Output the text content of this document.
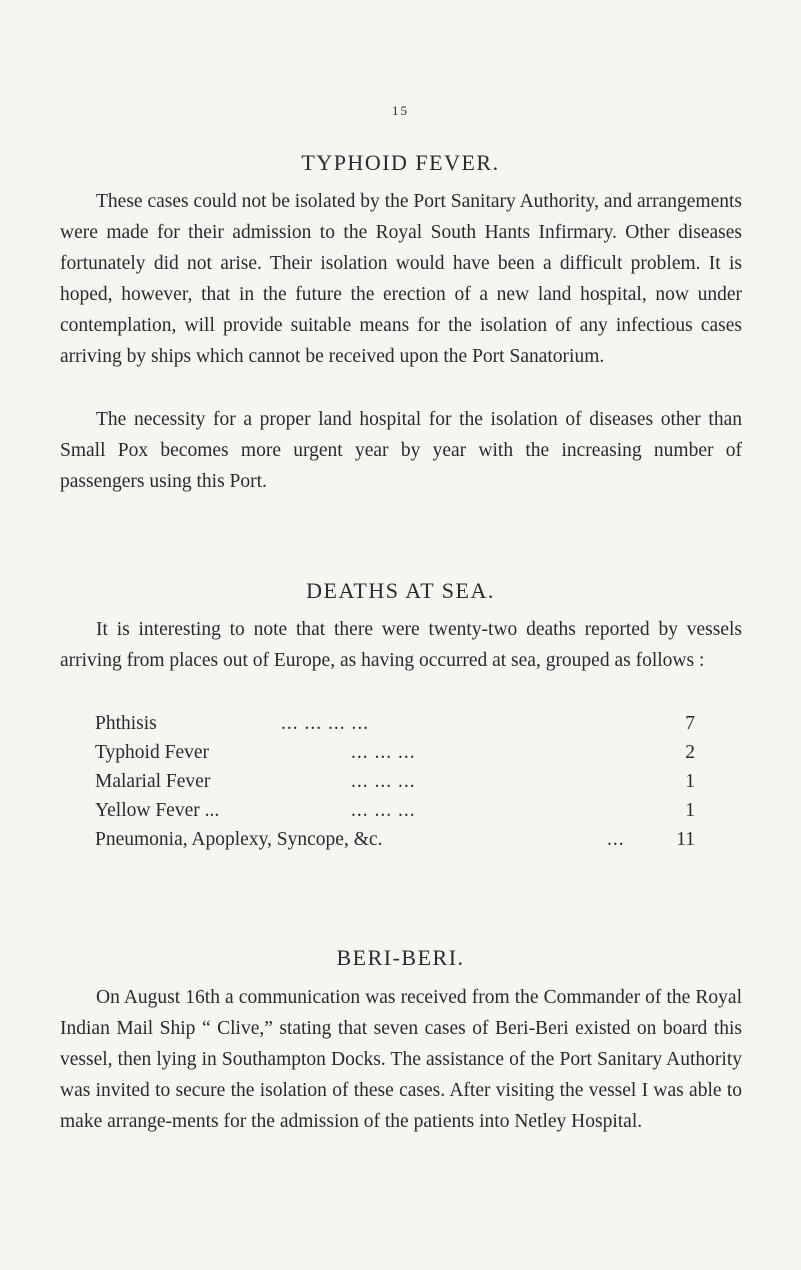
15
TYPHOID FEVER.

These cases could not be isolated by the Port Sanitary Authority, and arrangements were made for their admission to the Royal South Hants Infirmary. Other diseases fortunately did not arise. Their isolation would have been a difficult problem. It is hoped, however, that in the future the erection of a new land hospital, now under contemplation, will provide suitable means for the isolation of any infectious cases arriving by ships which cannot be received upon the Port Sanatorium.

The necessity for a proper land hospital for the isolation of diseases other than Small Pox becomes more urgent year by year with the increasing number of passengers using this Port.

DEATHS AT SEA.

It is interesting to note that there were twenty-two deaths reported by vessels arriving from places out of Europe, as having occurred at sea, grouped as follows :

Phthisis	... ... ... ...	7
Typhoid Fever	... ... ...	2
Malarial Fever	... ... ...	1
Yellow Fever ...	... ... ...	1
Pneumonia, Apoplexy, Syncope, &c.	...	11
BERI-BERI.

On August 16th a communication was received from the Commander of the Royal Indian Mail Ship “ Clive,” stating that seven cases of Beri-Beri existed on board this vessel, then lying in Southampton Docks. The assistance of the Port Sanitary Authority was invited to secure the isolation of these cases. After visiting the vessel I was able to make arrange-ments for the admission of the patients into Netley Hospital.
